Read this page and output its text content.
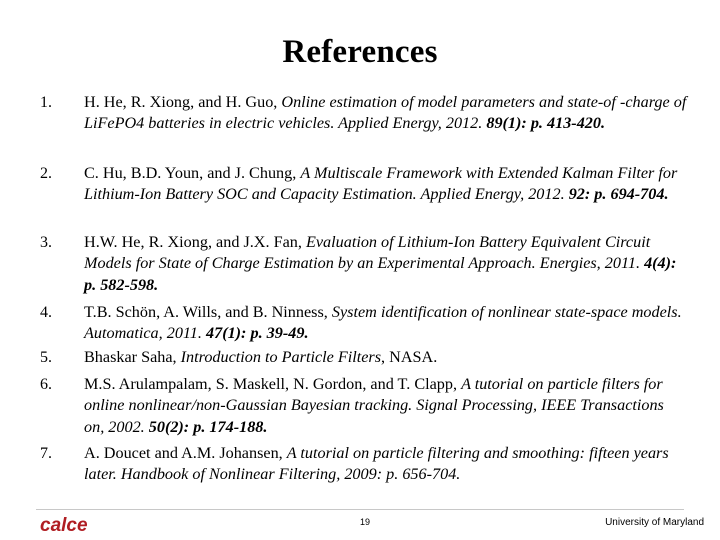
References
1. H. He, R. Xiong, and H. Guo, Online estimation of model parameters and state-of -charge of LiFePO4 batteries in electric vehicles. Applied Energy, 2012. 89(1): p. 413-420.
2. C. Hu, B.D. Youn, and J. Chung, A Multiscale Framework with Extended Kalman Filter for Lithium-Ion Battery SOC and Capacity Estimation. Applied Energy, 2012. 92: p. 694-704.
3. H.W. He, R. Xiong, and J.X. Fan, Evaluation of Lithium-Ion Battery Equivalent Circuit Models for State of Charge Estimation by an Experimental Approach. Energies, 2011. 4(4): p. 582-598.
4. T.B. Schön, A. Wills, and B. Ninness, System identification of nonlinear state-space models. Automatica, 2011. 47(1): p. 39-49.
5. Bhaskar Saha, Introduction to Particle Filters, NASA.
6. M.S. Arulampalam, S. Maskell, N. Gordon, and T. Clapp, A tutorial on particle filters for online nonlinear/non-Gaussian Bayesian tracking. Signal Processing, IEEE Transactions on, 2002. 50(2): p. 174-188.
7. A. Doucet and A.M. Johansen, A tutorial on particle filtering and smoothing: fifteen years later. Handbook of Nonlinear Filtering, 2009: p. 656-704.
calce	19	University of Maryland
